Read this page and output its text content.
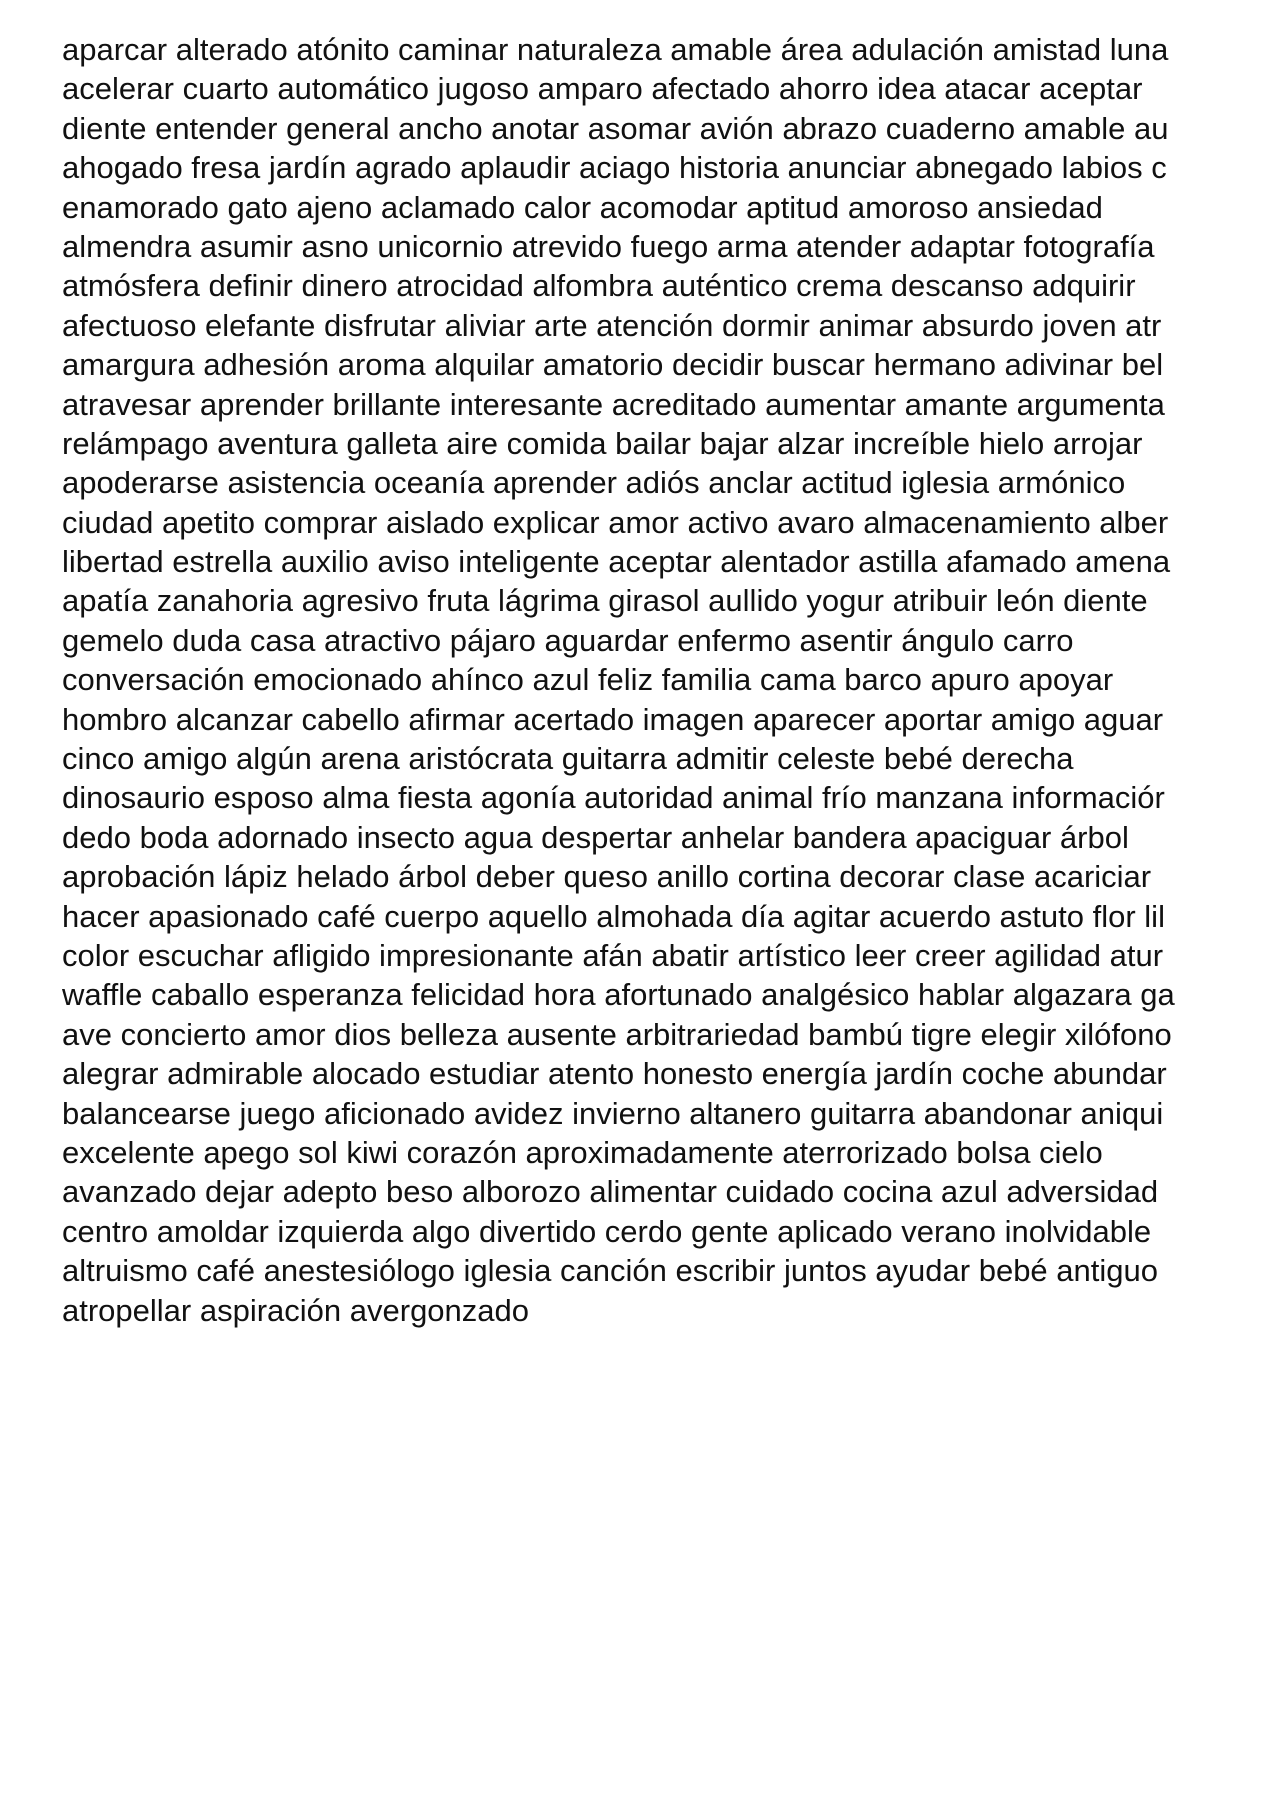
aparcar alterado atónito caminar naturaleza amable área adulación amistad luna
acelerar cuarto automático jugoso amparo afectado ahorro idea atacar aceptar
diente entender general ancho anotar asomar avión abrazo cuaderno amable au
ahogado fresa jardín agrado aplaudir aciago historia anunciar abnegado labios c
enamorado gato ajeno aclamado calor acomodar aptitud amoroso ansiedad
almendra asumir asno unicornio atrevido fuego arma atender adaptar fotografía
atmósfera definir dinero atrocidad alfombra auténtico crema descanso adquirir
afectuoso elefante disfrutar aliviar arte atención dormir animar absurdo joven atr
amargura adhesión aroma alquilar amatorio decidir buscar hermano adivinar bel
atravesar aprender brillante interesante acreditado aumentar amante argumenta
relámpago aventura galleta aire comida bailar bajar alzar increíble hielo arrojar
apoderarse asistencia oceanía aprender adiós anclar actitud iglesia armónico
ciudad apetito comprar aislado explicar amor activo avaro almacenamiento alber
libertad estrella auxilio aviso inteligente aceptar alentador astilla afamado amena
apatía zanahoria agresivo fruta lágrima girasol aullido yogur atribuir león diente
gemelo duda casa atractivo pájaro aguardar enfermo asentir ángulo carro
conversación emocionado ahínco azul feliz familia cama barco apuro apoyar
hombro alcanzar cabello afirmar acertado imagen aparecer aportar amigo aguar
cinco amigo algún arena aristócrata guitarra admitir celeste bebé derecha
dinosaurio esposo alma fiesta agonía autoridad animal frío manzana informaciór
dedo boda adornado insecto agua despertar anhelar bandera apaciguar árbol
aprobación lápiz helado árbol deber queso anillo cortina decorar clase acariciar
hacer apasionado café cuerpo aquello almohada día agitar acuerdo astuto flor lil
color escuchar afligido impresionante afán abatir artístico leer creer agilidad atur
waffle caballo esperanza felicidad hora afortunado analgésico hablar algazara ga
ave concierto amor dios belleza ausente arbitrariedad bambú tigre elegir xilófono
alegrar admirable alocado estudiar atento honesto energía jardín coche abundar
balancearse juego aficionado avidez invierno altanero guitarra abandonar aniqui
excelente apego sol kiwi corazón aproximadamente aterrorizado bolsa cielo
avanzado dejar adepto beso alborozo alimentar cuidado cocina azul adversidad
centro amoldar izquierda algo divertido cerdo gente aplicado verano inolvidable
altruismo café anestesiólogo iglesia canción escribir juntos ayudar bebé antiguo
atropellar aspiración avergonzado
